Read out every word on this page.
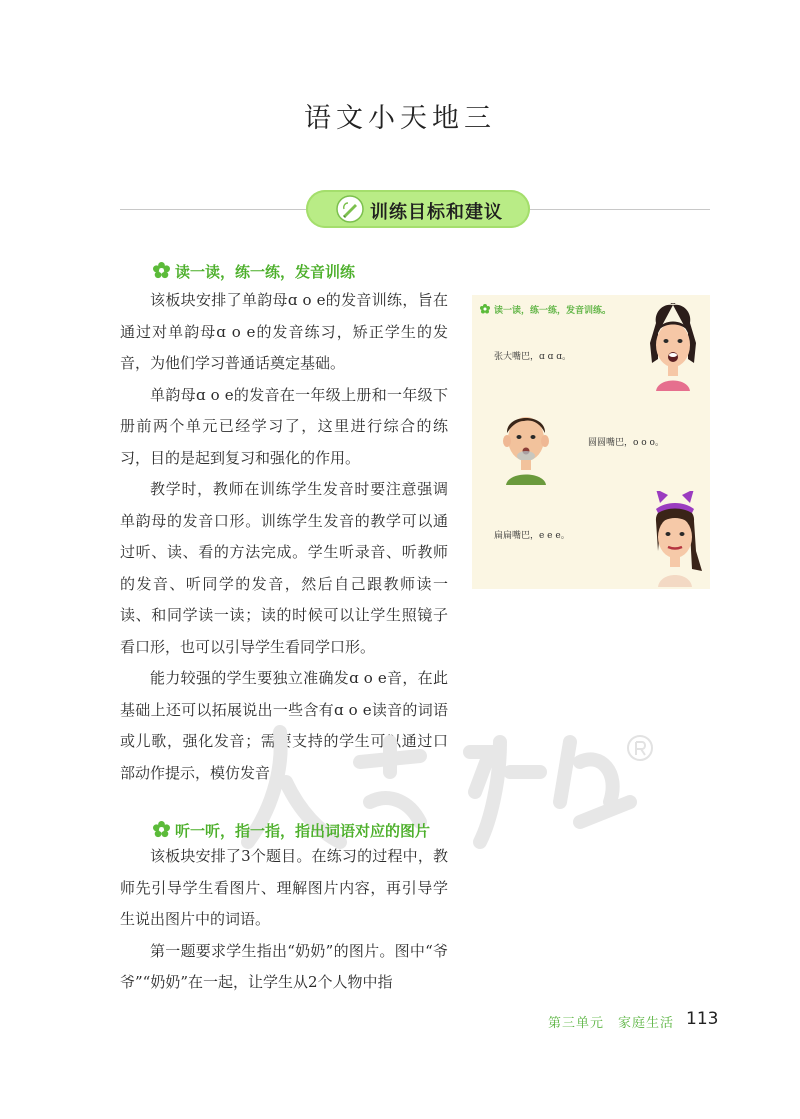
语文小天地三
训练目标和建议
读一读，练一练，发音训练

该板块安排了单韵母ɑ o e的发音训练，旨在通过对单韵母ɑ o e的发音练习，矫正学生的发音，为他们学习普通话奠定基础。

单韵母ɑ o e的发音在一年级上册和一年级下册前两个单元已经学习了，这里进行综合的练习，目的是起到复习和强化的作用。

教学时，教师在训练学生发音时要注意强调单韵母的发音口形。训练学生发音的教学可以通过听、读、看的方法完成。学生听录音、听教师的发音、听同学的发音，然后自己跟教师读一读、和同学读一读；读的时候可以让学生照镜子看口形，也可以引导学生看同学口形。

能力较强的学生要独立准确发ɑ o e音，在此基础上还可以拓展说出一些含有ɑ o e读音的词语或儿歌，强化发音；需要支持的学生可以通过口部动作提示，模仿发音。

读一读，练一练，发音训练。
张大嘴巴，ɑ ɑ ɑ。
圆圆嘴巴，o o o。
扁扁嘴巴，e e e。
听一听，指一指，指出词语对应的图片

该板块安排了3个题目。在练习的过程中，教师先引导学生看图片、理解图片内容，再引导学生说出图片中的词语。

第一题要求学生指出“奶奶”的图片。图中“爷爷”“奶奶”在一起，让学生从2个人物中指

第三单元　家庭生活 113
